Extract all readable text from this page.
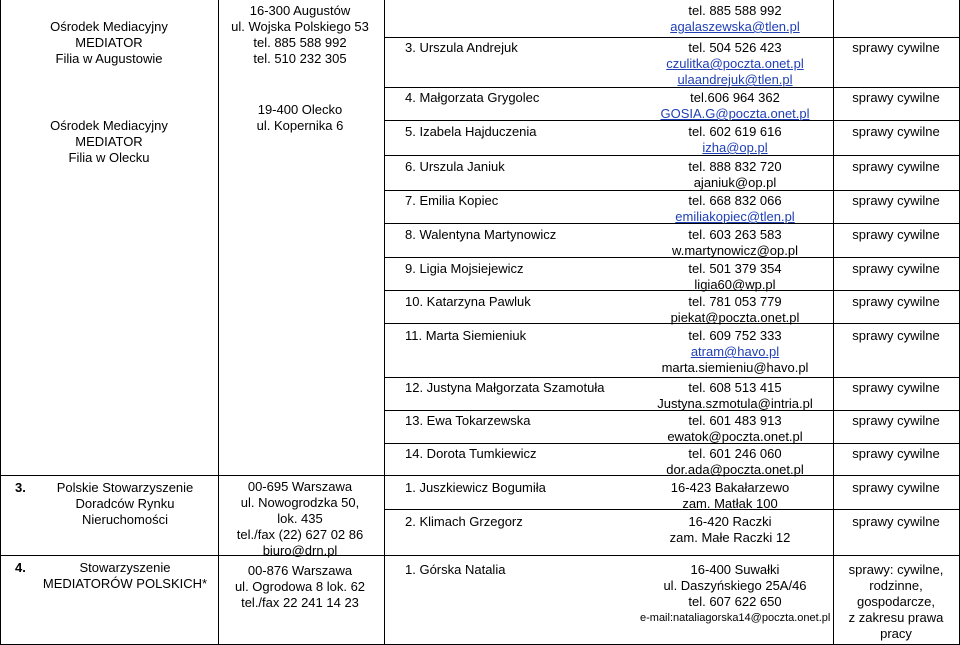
Ośrodek Mediacyjny
MEDIATOR
Filia w Augustowie
Ośrodek Mediacyjny
MEDIATOR
Filia w Olecku
3.	Polskie Stowarzyszenie
Doradców Rynku
Nieruchomości
4.	Stowarzyszenie
MEDIATORÓW POLSKICH*
16-300 Augustów
ul. Wojska Polskiego 53
tel. 885 588 992
tel. 510 232 305
19-400 Olecko
ul. Kopernika 6
00-695 Warszawa
ul. Nowogrodzka 50,
lok. 435
tel./fax (22) 627 02 86
biuro@drn.pl
00-876 Warszawa
ul. Ogrodowa 8 lok. 62
tel./fax 22 241 14 23
3. Urszula Andrejuk
4. Małgorzata Grygolec
5. Izabela Hajduczenia
6. Urszula Janiuk
7. Emilia Kopiec
8. Walentyna Martynowicz
9. Ligia Mojsiejewicz
10. Katarzyna Pawluk
11. Marta Siemieniuk
12. Justyna Małgorzata Szamotuła
13. Ewa Tokarzewska
14. Dorota Tumkiewicz
1. Juszkiewicz Bogumiła
2. Klimach Grzegorz
1. Górska Natalia
tel. 885 588 992
agalaszewska@tlen.pl
tel. 504 526 423
czulitka@poczta.onet.pl
ulaandrejuk@tlen.pl
tel.606 964 362
GOSIA.G@poczta.onet.pl
tel. 602 619 616
izha@op.pl
tel. 888 832 720
ajaniuk@op.pl
tel. 668 832 066
emiliakopiec@tlen.pl
tel. 603 263 583
w.martynowicz@op.pl
tel. 501 379 354
ligia60@wp.pl
tel. 781 053 779
piekat@poczta.onet.pl
tel. 609 752 333
atram@havo.pl
marta.siemieniu@havo.pl
tel. 608 513 415
Justyna.szmotula@intria.pl
tel. 601 483 913
ewatok@poczta.onet.pl
tel. 601 246 060
dor.ada@poczta.onet.pl
16-423 Bakałarzewo
zam. Matłak 100
16-420 Raczki
zam. Małe Raczki 12
16-400 Suwałki
ul. Daszyńskiego 25A/46
tel. 607 622 650
e-mail:nataliagorska14@poczta.onet.pl
sprawy cywilne
sprawy cywilne
sprawy cywilne
sprawy cywilne
sprawy cywilne
sprawy cywilne
sprawy cywilne
sprawy cywilne
sprawy cywilne
sprawy cywilne
sprawy cywilne
sprawy cywilne
sprawy cywilne
sprawy cywilne
sprawy: cywilne,
rodzinne,
gospodarcze,
z zakresu prawa
pracy
